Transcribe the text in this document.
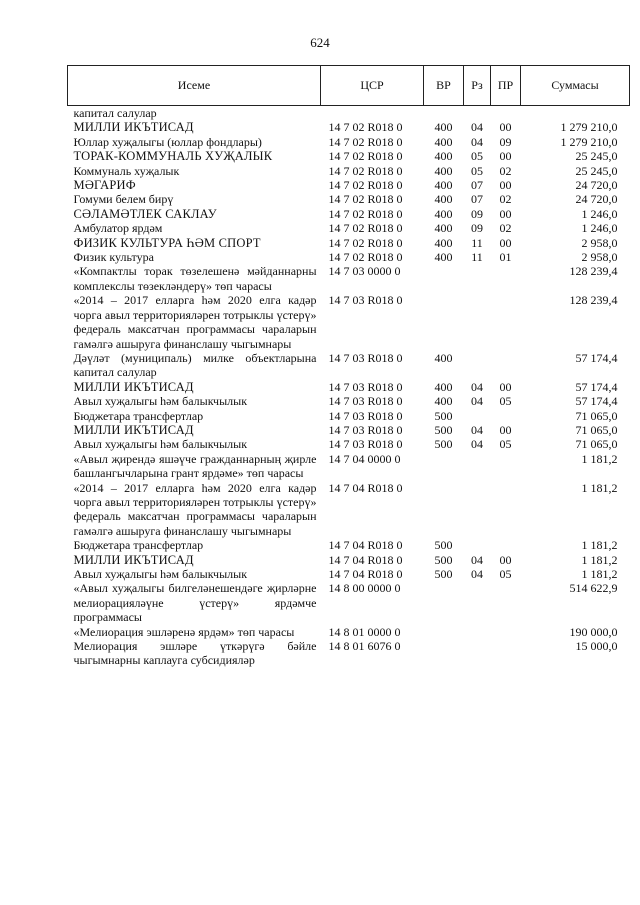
624
Исеме	ЦСР	ВР	Рз	ПР	Суммасы
капитал салулар					
МИЛЛИ ИКЪТИСАД	14 7 02 R018 0	400	04	00	1 279 210,0
Юллар хуҗалыгы (юллар фондлары)	14 7 02 R018 0	400	04	09	1 279 210,0
ТОРАК-КОММУНАЛЬ ХУҖАЛЫК	14 7 02 R018 0	400	05	00	25 245,0
Коммуналь хуҗалык	14 7 02 R018 0	400	05	02	25 245,0
МӘГАРИФ	14 7 02 R018 0	400	07	00	24 720,0
Гомуми белем бирү	14 7 02 R018 0	400	07	02	24 720,0
СӘЛАМӘТЛЕК САКЛАУ	14 7 02 R018 0	400	09	00	1 246,0
Амбулатор ярдәм	14 7 02 R018 0	400	09	02	1 246,0
ФИЗИК КУЛЬТУРА ҺӘМ СПОРТ	14 7 02 R018 0	400	11	00	2 958,0
Физик культура	14 7 02 R018 0	400	11	01	2 958,0
«Компактлы торак төзелешенә мәйданнарны комплекслы төзекләндерү» төп чарасы	14 7 03 0000 0				128 239,4
«2014 – 2017 елларга һәм 2020 елга кадәр чорга авыл территорияләрен тотрыклы үстерү» федераль максатчан программасы чараларын гамәлгә ашыруга финанслашу чыгымнары	14 7 03 R018 0				128 239,4
Дәүләт (муниципаль) милке объектларына капитал салулар	14 7 03 R018 0	400			57 174,4
МИЛЛИ ИКЪТИСАД	14 7 03 R018 0	400	04	00	57 174,4
Авыл хуҗалыгы һәм балыкчылык	14 7 03 R018 0	400	04	05	57 174,4
Бюджетара трансфертлар	14 7 03 R018 0	500			71 065,0
МИЛЛИ ИКЪТИСАД	14 7 03 R018 0	500	04	00	71 065,0
Авыл хуҗалыгы һәм балыкчылык	14 7 03 R018 0	500	04	05	71 065,0
«Авыл җирендә яшәүче гражданнарның җирле башлангычларына грант ярдәме» төп чарасы	14 7 04 0000 0				1 181,2
«2014 – 2017 елларга һәм 2020 елга кадәр чорга авыл территорияләрен тотрыклы үстерү» федераль максатчан программасы чараларын гамәлгә ашыруга финанслашу чыгымнары	14 7 04 R018 0				1 181,2
Бюджетара трансфертлар	14 7 04 R018 0	500			1 181,2
МИЛЛИ ИКЪТИСАД	14 7 04 R018 0	500	04	00	1 181,2
Авыл хуҗалыгы һәм балыкчылык	14 7 04 R018 0	500	04	05	1 181,2
«Авыл хуҗалыгы билгеләнешендәге җирләрне мелиорацияләүне үстерү» ярдәмче программасы	14 8 00 0000 0				514 622,9
«Мелиорация эшләренә ярдәм» төп чарасы	14 8 01 0000 0				190 000,0
Мелиорация эшләре үткәрүгә бәйле чыгымнарны каплауга субсидияләр	14 8 01 6076 0				15 000,0
